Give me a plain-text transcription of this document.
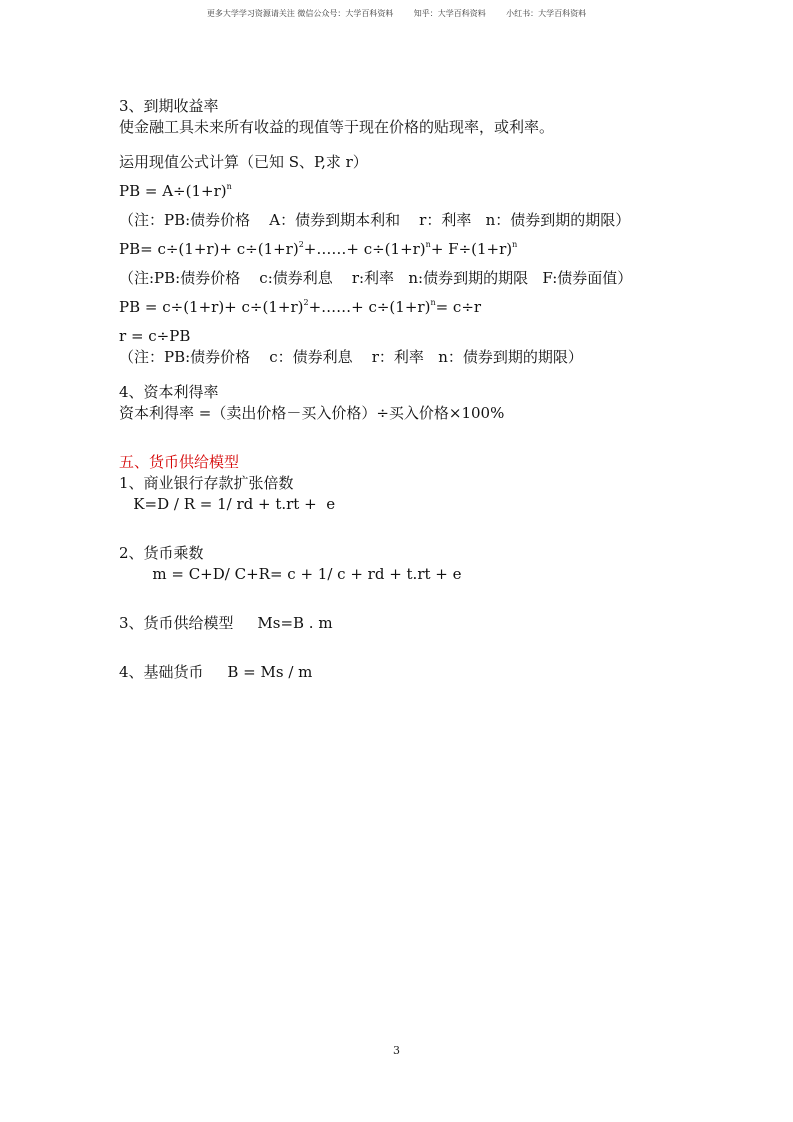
更多大学学习资源请关注 微信公众号：大学百科资料        知乎：大学百科资料        小红书：大学百科资料
3、到期收益率
使金融工具未来所有收益的现值等于现在价格的贴现率，或利率。
运用现值公式计算（已知 S、P,求 r）
PB = $A\div(1+r)^n$
（注：PB:债券价格    A：债券到期本利和    r：利率   n：债券到期的期限）
$PB= c\div(1+r)+ c\div(1+r)^2+\dots\dots+ c\div(1+r)^n+ F\div(1+r)^n$
（注:PB:债券价格    c:债券利息    r:利率   n:债券到期的期限   F:债券面值）
PB = $c\div(1+r)+ c\div(1+r)^2+\dots\dots+ c\div(1+r)^n= c\div r$
r = c÷PB
（注：PB:债券价格    c：债券利息    r：利率   n：债券到期的期限）
4、资本利得率
资本利得率 =（卖出价格－买入价格）÷买入价格×100%
五、货币供给模型
1、商业银行存款扩张倍数
K=D / R = 1/ rd + t.rt +  e
2、货币乘数
m = C+D/ C+R= c + 1/ c + rd + t.rt + e
3、货币供给模型     Ms=B . m
4、基础货币     B = Ms / m
3
